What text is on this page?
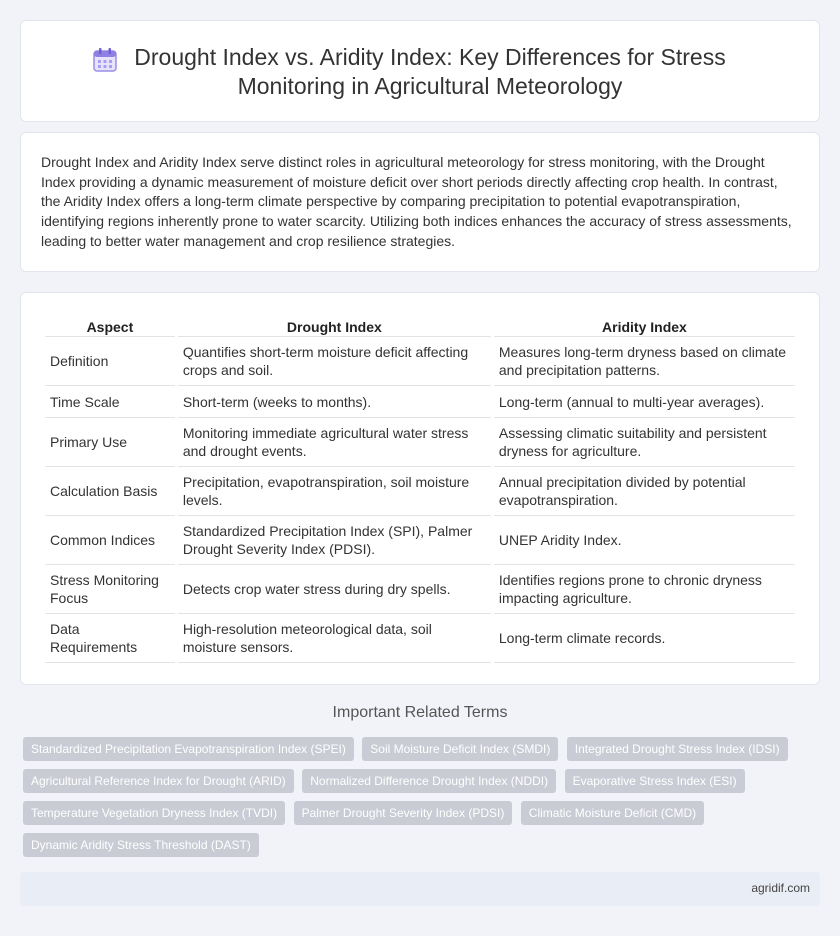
Drought Index vs. Aridity Index: Key Differences for Stress Monitoring in Agricultural Meteorology

Drought Index and Aridity Index serve distinct roles in agricultural meteorology for stress monitoring, with the Drought Index providing a dynamic measurement of moisture deficit over short periods directly affecting crop health. In contrast, the Aridity Index offers a long-term climate perspective by comparing precipitation to potential evapotranspiration, identifying regions inherently prone to water scarcity. Utilizing both indices enhances the accuracy of stress assessments, leading to better water management and crop resilience strategies.

Aspect	Drought Index	Aridity Index
Definition	Quantifies short-term moisture deficit affecting crops and soil.	Measures long-term dryness based on climate and precipitation patterns.
Time Scale	Short-term (weeks to months).	Long-term (annual to multi-year averages).
Primary Use	Monitoring immediate agricultural water stress and drought events.	Assessing climatic suitability and persistent dryness for agriculture.
Calculation Basis	Precipitation, evapotranspiration, soil moisture levels.	Annual precipitation divided by potential evapotranspiration.
Common Indices	Standardized Precipitation Index (SPI), Palmer Drought Severity Index (PDSI).	UNEP Aridity Index.
Stress Monitoring Focus	Detects crop water stress during dry spells.	Identifies regions prone to chronic dryness impacting agriculture.
Data Requirements	High-resolution meteorological data, soil moisture sensors.	Long-term climate records.
Important Related Terms
Standardized Precipitation Evapotranspiration Index (SPEI) Soil Moisture Deficit Index (SMDI) Integrated Drought Stress Index (IDSI) Agricultural Reference Index for Drought (ARID) Normalized Difference Drought Index (NDDI) Evaporative Stress Index (ESI) Temperature Vegetation Dryness Index (TVDI) Palmer Drought Severity Index (PDSI) Climatic Moisture Deficit (CMD) Dynamic Aridity Stress Threshold (DAST)
agridif.com
